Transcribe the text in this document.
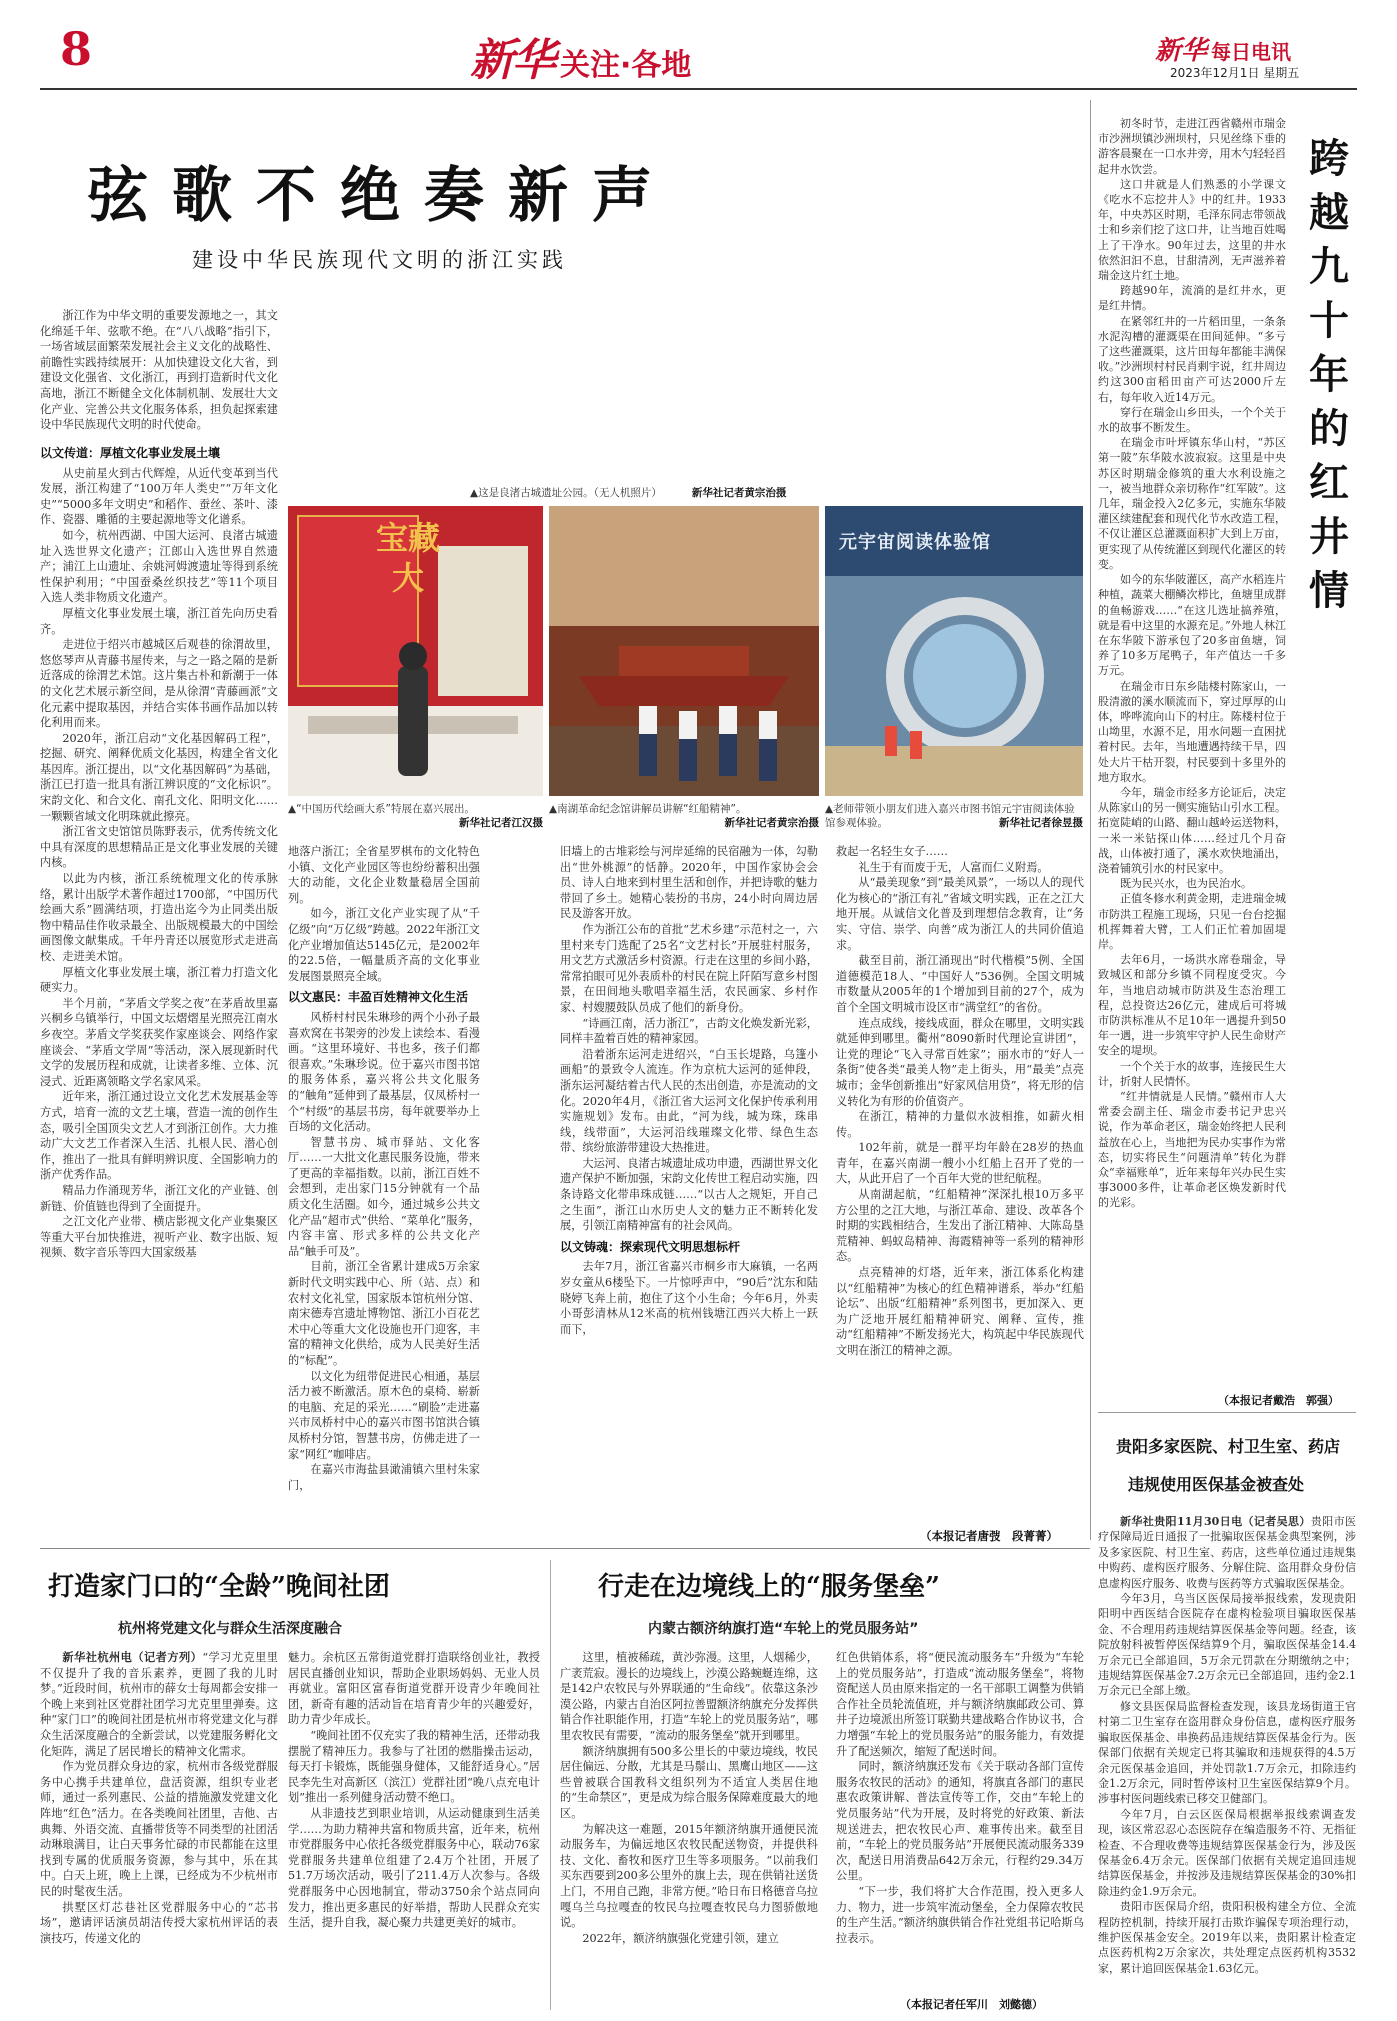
8	新华 关注·各地	新华 每日电讯
2023年12月1日 星期五
弦歌不绝奏新声
建设中华民族现代文明的浙江实践
▲这是良渚古城遗址公园。（无人机照片）	新华社记者黄宗治摄

浙江作为中华文明的重要发源地之一，其文化绵延千年、弦歌不绝。在“八八战略”指引下，一场省域层面繁荣发展社会主义文化的战略性、前瞻性实践持续展开：从加快建设文化大省，到建设文化强省、文化浙江，再到打造新时代文化高地，浙江不断健全文化体制机制、发展壮大文化产业、完善公共文化服务体系，担负起探索建设中华民族现代文明的时代使命。

以文传道：厚植文化事业发展土壤

从史前星火到古代辉煌，从近代变革到当代发展，浙江构建了“100万年人类史”“万年文化史”“5000多年文明史”和稻作、蚕丝、茶叶、漆作、瓷器、雕循的主要起源地等文化谱系。

如今，杭州西湖、中国大运河、良渚古城遗址入选世界文化遗产；江郎山入选世界自然遗产；浦江上山遗址、余姚河姆渡遗址等得到系统性保护利用；“中国蚕桑丝织技艺”等11个项目入选人类非物质文化遗产。

厚植文化事业发展土壤，浙江首先向历史看齐。

走进位于绍兴市越城区后观巷的徐渭故里，悠悠琴声从青藤书屋传来，与之一路之隔的是新近落成的徐渭艺术馆。这片集古朴和新潮于一体的文化艺术展示新空间，是从徐渭“青藤画派”文化元素中提取基因，并结合实体书画作品加以转化利用而来。

2020年，浙江启动“文化基因解码工程”，挖掘、研究、阐释优质文化基因，构建全省文化基因库。浙江提出，以“文化基因解码”为基础，浙江已打造一批具有浙江辨识度的“文化标识”。宋韵文化、和合文化、南孔文化、阳明文化……一颗颗省域文化明珠就此擦亮。

浙江省文史馆馆员陈野表示，优秀传统文化中具有深度的思想精品正是文化事业发展的关键内核。

以此为内核，浙江系统梳理文化的传承脉络，累计出版学术著作超过1700部，“中国历代绘画大系”圆满结项，打造出迄今为止同类出版物中精品佳作收录最全、出版规模最大的中国绘画图像文献集成。千年丹青还以展览形式走进高校、走进美术馆。

厚植文化事业发展土壤，浙江着力打造文化硬实力。

半个月前，“茅盾文学奖之夜”在茅盾故里嘉兴桐乡乌镇举行，中国文坛熠熠星光照亮江南水乡夜空。茅盾文学奖获奖作家座谈会、网络作家座谈会、“茅盾文学周”等活动，深入展现新时代文学的发展历程和成就，让读者多维、立体、沉浸式、近距离领略文学名家风采。

近年来，浙江通过设立文化艺术发展基金等方式，培育一流的文艺土壤，营造一流的创作生态，吸引全国顶尖文艺人才到浙江创作。大力推动广大文艺工作者深入生活、扎根人民、潜心创作，推出了一批具有鲜明辨识度、全国影响力的浙产优秀作品。

精品力作涌现芳华，浙江文化的产业链、创新链、价值链也得到了全面提升。

之江文化产业带、横店影视文化产业集聚区等重大平台加快推进，视听产业、数字出版、短视频、数字音乐等四大国家级基

宝藏大
元宇宙阅读体验馆
▲“中国历代绘画大系”特展在嘉兴展出。
新华社记者江汉摄
▲南湖革命纪念馆讲解员讲解“红船精神”。

新华社记者黄宗治摄
▲老师带领小朋友们进入嘉兴市图书馆元宇宙阅读体验馆参观体验。	新华社记者徐昱摄

地落户浙江；全省星罗棋布的文化特色小镇、文化产业园区等也纷纷蓄积出强大的动能，文化企业数量稳居全国前列。

如今，浙江文化产业实现了从“千亿级”向“万亿级”跨越。2022年浙江文化产业增加值达5145亿元，是2002年的22.5倍，一幅量质齐高的文化事业发展图景照亮全域。

以文惠民：丰盈百姓精神文化生活

风桥村村民朱琳珍的两个小孙子最喜欢窝在书架旁的沙发上读绘本、看漫画。“这里环境好、书也多，孩子们都很喜欢。”朱琳珍说。位于嘉兴市图书馆的服务体系，嘉兴将公共文化服务的“触角”延伸到了最基层，仅凤桥村一个“村级”的基层书房，每年就要举办上百场的文化活动。

智慧书房、城市驿站、文化客厅……一大批文化惠民服务设施，带来了更高的幸福指数。以前，浙江百姓不会想到，走出家门15分钟就有一个品质文化生活圈。如今，通过城乡公共文化产品“超市式”供给、“菜单化”服务，内容丰富、形式多样的公共文化产品“触手可及”。

目前，浙江全省累计建成5万余家新时代文明实践中心、所（站、点）和农村文化礼堂，国家版本馆杭州分馆、南宋德寿宫遗址博物馆、浙江小百花艺术中心等重大文化设施也开门迎客，丰富的精神文化供给，成为人民美好生活的“标配”。

以文化为纽带促进民心相通，基层活力被不断激活。原木色的桌椅、崭新的电脑、充足的采光……“刷脸”走进嘉兴市凤桥村中心的嘉兴市图书馆洪合镇凤桥村分馆，智慧书房，仿佛走进了一家“网红”咖啡店。

在嘉兴市海盐县澉浦镇六里村朱家门，

旧墙上的古堆彩绘与河岸延绵的民宿融为一体，勾勒出“世外桃源”的恬静。2020年，中国作家协会会员、诗人白地来到村里生活和创作，并把诗歌的魅力带回了乡土。她精心装扮的书房，24小时向周边居民及游客开放。

作为浙江公布的首批“艺术乡建”示范村之一，六里村来专门选配了25名“文艺村长”开展驻村服务，用文艺方式激活乡村资源。行走在这里的乡间小路，常常拍眼可见外表质朴的村民在院上阡陌写意乡村图景，在田间地头歌唱幸福生活，农民画家、乡村作家、村嫂腰鼓队员成了他们的新身份。

“诗画江南，活力浙江”，古韵文化焕发新光彩，同样丰盈着百姓的精神家园。

沿着浙东运河走进绍兴，“白玉长堤路，乌篷小画船”的景致令人流连。作为京杭大运河的延伸段，浙东运河凝结着古代人民的杰出创造，亦是流动的文化。2020年4月，《浙江省大运河文化保护传承利用实施规划》发布。由此，“河为线，城为珠，珠串线，线带面”，大运河沿线璀璨文化带、绿色生态带、缤纷旅游带建设大热推进。

大运河、良渚古城遗址成功申遗，西湖世界文化遗产保护不断加强，宋韵文化传世工程启动实施，四条诗路文化带串珠成链……“以古人之规矩，开自己之生面”，浙江山水历史人文的魅力正不断转化发展，引领江南精神富有的社会风尚。

以文铸魂：探索现代文明思想标杆

去年7月，浙江省嘉兴市桐乡市大麻镇，一名两岁女童从6楼坠下。一片惊呼声中，“90后”沈东和陆晓婷飞奔上前，抱住了这个小生命；今年6月，外卖小哥彭清林从12米高的杭州钱塘江西兴大桥上一跃而下，

救起一名轻生女子……

礼生于有而废于无，人富而仁义附焉。

从“最美现象”到“最美风景”，一场以人的现代化为核心的“浙江有礼”省域文明实践，正在之江大地开展。从诚信文化普及到理想信念教育，让“务实、守信、崇学、向善”成为浙江人的共同价值追求。

截至目前，浙江涌现出“时代楷模”5例、全国道德模范18人、“中国好人”536例。全国文明城市数量从2005年的1个增加到目前的27个，成为首个全国文明城市设区市“满堂红”的省份。

连点成线，接线成面，群众在哪里，文明实践就延伸到哪里。衢州“8090新时代理论宣讲团”，让党的理论“飞入寻常百姓家”；丽水市的“好人一条街”使各类“最美人物”走上街头，用“最美”点亮城市；金华创新推出“好家风信用贷”，将无形的信义转化为有形的价值资产。

在浙江，精神的力量似水波相推，如薪火相传。

102年前，就是一群平均年龄在28岁的热血青年，在嘉兴南湖一艘小小红船上召开了党的一大，从此开启了一个百年大党的世纪航程。

从南湖起航，“红船精神”深深扎根10万多平方公里的之江大地，与浙江革命、建设、改革各个时期的实践相结合，生发出了浙江精神、大陈岛垦荒精神、蚂蚁岛精神、海霞精神等一系列的精神形态。

点亮精神的灯塔，近年来，浙江体系化构建以“红船精神”为核心的红色精神谱系，举办“红船论坛”、出版“红船精神”系列图书，更加深入、更为广泛地开展红船精神研究、阐释、宣传，推动“红船精神”不断发扬光大，构筑起中华民族现代文明在浙江的精神之源。

（本报记者唐弢　段菁菁）

初冬时节，走进江西省赣州市瑞金市沙洲坝镇沙洲坝村，只见丝绦下垂的游客晨聚在一口水井旁，用木勺轻轻舀起井水饮尝。

这口井就是人们熟悉的小学课文《吃水不忘挖井人》中的红井。1933年，中央苏区时期，毛泽东同志带领战士和乡亲们挖了这口井，让当地百姓喝上了干净水。90年过去，这里的井水依然汩汩不息，甘甜清冽，无声滋养着瑞金这片红土地。

跨越90年，流淌的是红井水，更是红井情。

在紧邻红井的一片稻田里，一条条水泥沟槽的灌溉渠在田间延伸。“多亏了这些灌溉渠，这片田每年都能丰满保收。”沙洲坝村村民肖剩宇说，红井周边约这300亩稻田亩产可达2000斤左右，每年收入近14万元。

穿行在瑞金山乡田头，一个个关于水的故事不断发生。

在瑞金市叶坪镇东华山村，“苏区第一陂”东华陂水波寂寂。这里是中央苏区时期瑞金修筑的重大水利设施之一，被当地群众亲切称作“红军陂”。这几年，瑞金投入2亿多元，实施东华陂灌区续建配套和现代化节水改造工程，不仅让灌区总灌溉面积扩大到上万亩，更实现了从传统灌区到现代化灌区的转变。

如今的东华陂灌区，高产水稻连片种植，蔬菜大棚鳞次栉比，鱼塘里成群的鱼畅游戏……“在这儿选址搞养殖，就是看中这里的水源充足。”外地人林江在东华陂下游承包了20多亩鱼塘，饲养了10多万尾鸭子，年产值达一千多万元。

在瑞金市日东乡陆楼村陈家山，一股清澈的溪水顺流而下，穿过厚厚的山体，哗哗流向山下的村庄。陈楼村位于山坳里，水源不足，用水问题一直困扰着村民。去年，当地遭遇持续干旱，四处大片干枯开裂，村民要到十多里外的地方取水。

今年，瑞金市经多方论证后，决定从陈家山的另一侧实施钻山引水工程。拓宽陡峭的山路、翻山越岭运送物料，一米一米钻探山体……经过几个月奋战，山体被打通了，溪水欢快地涌出，浇着铺筑引水的村民家中。

既为民兴水，也为民治水。

正值冬修水利黄金期，走进瑞金城市防洪工程施工现场，只见一台台挖掘机挥舞着大臂，工人们正忙着加固堤岸。

去年6月，一场洪水席卷瑞金，导致城区和部分乡镇不同程度受灾。今年，当地启动城市防洪及生态治理工程，总投资达26亿元，建成后可将城市防洪标准从不足10年一遇提升到50年一遇，进一步筑牢守护人民生命财产安全的堤坝。

一个个关于水的故事，连接民生大计，折射人民情怀。

“红井情就是人民情。”赣州市人大常委会副主任、瑞金市委书记尹忠兴说，作为革命老区，瑞金始终把人民利益放在心上，当地把为民办实事作为常态，切实将民生“问题清单”转化为群众“幸福账单”，近年来每年兴办民生实事3000多件，让革命老区焕发新时代的光彩。

跨
越
九
十
年
的
红
井
情
（本报记者戴浩　郭强）
贵阳多家医院、村卫生室、药店
违规使用医保基金被查处

新华社贵阳11月30日电（记者吴思）贵阳市医疗保障局近日通报了一批骗取医保基金典型案例，涉及多家医院、村卫生室、药店，这些单位通过违规集中购药、虚构医疗服务、分解住院、盗用群众身份信息虚构医疗服务、收费与医药等方式骗取医保基金。

今年3月，乌当区医保局接举报线索，发现贵阳阳明中西医结合医院存在虚构检验项目骗取医保基金、不合理用药违规结算医保基金等问题。经查，该院放射科被暂停医保结算9个月，骗取医保基金14.4万余元已全部追回，5万余元罚款在分期缴纳之中；违规结算医保基金7.2万余元已全部追回，违约金2.1万余元已全部上缴。

修文县医保局监督检查发现，该县龙场街道王官村第二卫生室存在盗用群众身份信息，虚构医疗服务骗取医保基金、串换药品违规结算医保基金行为。医保部门依据有关规定已将其骗取和违规获得的4.5万余元医保基金追回，并处罚款1.7万余元，扣除违约金1.2万余元，同时暂停该村卫生室医保结算9个月。涉事村医问题线索已移交卫健部门。

今年7月，白云区医保局根据举报线索调查发现，该区常忍忍心态医院存在编造服务不符、无指征检查、不合理收费等违规结算医保基金行为，涉及医保基金6.4万余元。医保部门依据有关规定追回违规结算医保基金，并按涉及违规结算医保基金的30%扣除违约金1.9万余元。

贵阳市医保局介绍，贵阳积极构建全方位、全流程防控机制，持续开展打击欺诈骗保专项治理行动，维护医保基金安全。2019年以来，贵阳累计检查定点医药机构2万余家次，共处理定点医药机构3532家，累计追回医保基金1.63亿元。

打造家门口的“全龄”晚间社团
杭州将党建文化与群众生活深度融合

新华社杭州电（记者方列）“学习尤克里里不仅提升了我的音乐素养，更圆了我的儿时梦。”近段时间，杭州市的薛女士每周都会安排一个晚上来到社区党群社团学习尤克里里弹奏。这种“家门口”的晚间社团是杭州市将党建文化与群众生活深度融合的全新尝试，以党建服务孵化文化矩阵，满足了居民增长的精神文化需求。

作为党员群众身边的家，杭州市各级党群服务中心携手共建单位，盘活资源，组织专业老师，通过一系列惠民、公益的措施激发党建文化阵地“红色”活力。在各类晚间社团里，吉他、古典舞、外语交流、直播带货等不同类型的社团活动琳琅满目，让白天事务忙碌的市民都能在这里找到专属的优质服务资源，参与其中，乐在其中。白天上班，晚上上课，已经成为不少杭州市民的时髦夜生活。

拱墅区灯芯巷社区党群服务中心的“芯书场”，邀请评话演员胡洁传授大家杭州评话的表演技巧，传递文化的

魅力。余杭区五常街道党群打造联络创业社，教授居民直播创业知识，帮助企业职场妈妈、无业人员再就业。富阳区富春街道党群开设青少年晚间社团，新奇有趣的活动旨在培育青少年的兴趣爱好，助力青少年成长。

“晚间社团不仅充实了我的精神生活，还带动我摆脱了精神压力。我参与了社团的燃脂操击运动，每天打卡锻炼，既能强身健体，又能舒适身心。”居民李先生对高新区（滨江）党群社团“晚八点充电计划”推出一系列健身活动赞不绝口。

从非遗技艺到职业培训，从运动健康到生活美学……为助力精神共富和物质共富，近年来，杭州市党群服务中心依托各级党群服务中心，联动76家党群服务共建单位组建了2.4万个社团，开展了51.7万场次活动，吸引了211.4万人次参与。各级党群服务中心因地制宜，带动3750余个站点同向发力，推出更多惠民的好举措，帮助人民群众充实生活，提升自我，凝心聚力共建更美好的城市。

行走在边境线上的“服务堡垒”
内蒙古额济纳旗打造“车轮上的党员服务站”

这里，植被稀疏，黄沙弥漫。这里，人烟稀少，广袤荒寂。漫长的边境线上，沙漠公路蜿蜒连绵，这是142户农牧民与外界联通的“生命线”。依靠这条沙漠公路，内蒙古自治区阿拉善盟额济纳旗充分发挥供销合作社职能作用，打造“车轮上的党员服务站”，哪里农牧民有需要，“流动的服务堡垒”就开到哪里。

额济纳旗拥有500多公里长的中蒙边境线，牧民居住偏远、分散，尤其是马鬃山、黑鹰山地区——这些曾被联合国教科文组织列为不适宜人类居住地的“生命禁区”，更是成为综合服务保障难度最大的地区。

为解决这一难题，2015年额济纳旗开通便民流动服务车，为偏远地区农牧民配送物资，并提供科技、文化、畜牧和医疗卫生等多项服务。“以前我们买东西要到200多公里外的旗上去，现在供销社送货上门，不用自己跑，非常方便。”哈日布日格德音乌拉嘎乌兰乌拉嘎查的牧民乌拉嘎查牧民乌力图骄傲地说。

2022年，额济纳旗强化党建引领，建立

红色供销体系，将“便民流动服务车”升级为“车轮上的党员服务站”，打造成“流动服务堡垒”，将物资配送人员由原来指定的一名干部职工调整为供销合作社全员轮流值班，并与额济纳旗邮政公司、算井子边境派出所签订联勤共建战略合作协议书，合力增强“车轮上的党员服务站”的服务能力，有效提升了配送频次，缩短了配送时间。

同时，额济纳旗还发布《关于联动各部门宣传服务农牧民的活动》的通知，将旗直各部门的惠民惠农政策讲解、普法宣传等工作，交由“车轮上的党员服务站”代为开展，及时将党的好政策、新法规送进去，把农牧民心声、难事传出来。截至目前，“车轮上的党员服务站”开展便民流动服务339次，配送日用消费品642万余元，行程约29.34万公里。

“下一步，我们将扩大合作范围，投入更多人力、物力，进一步筑牢流动堡垒，全力保障农牧民的生产生活。”额济纳旗供销合作社党组书记哈斯乌拉表示。

（本报记者任军川　刘懿德）
